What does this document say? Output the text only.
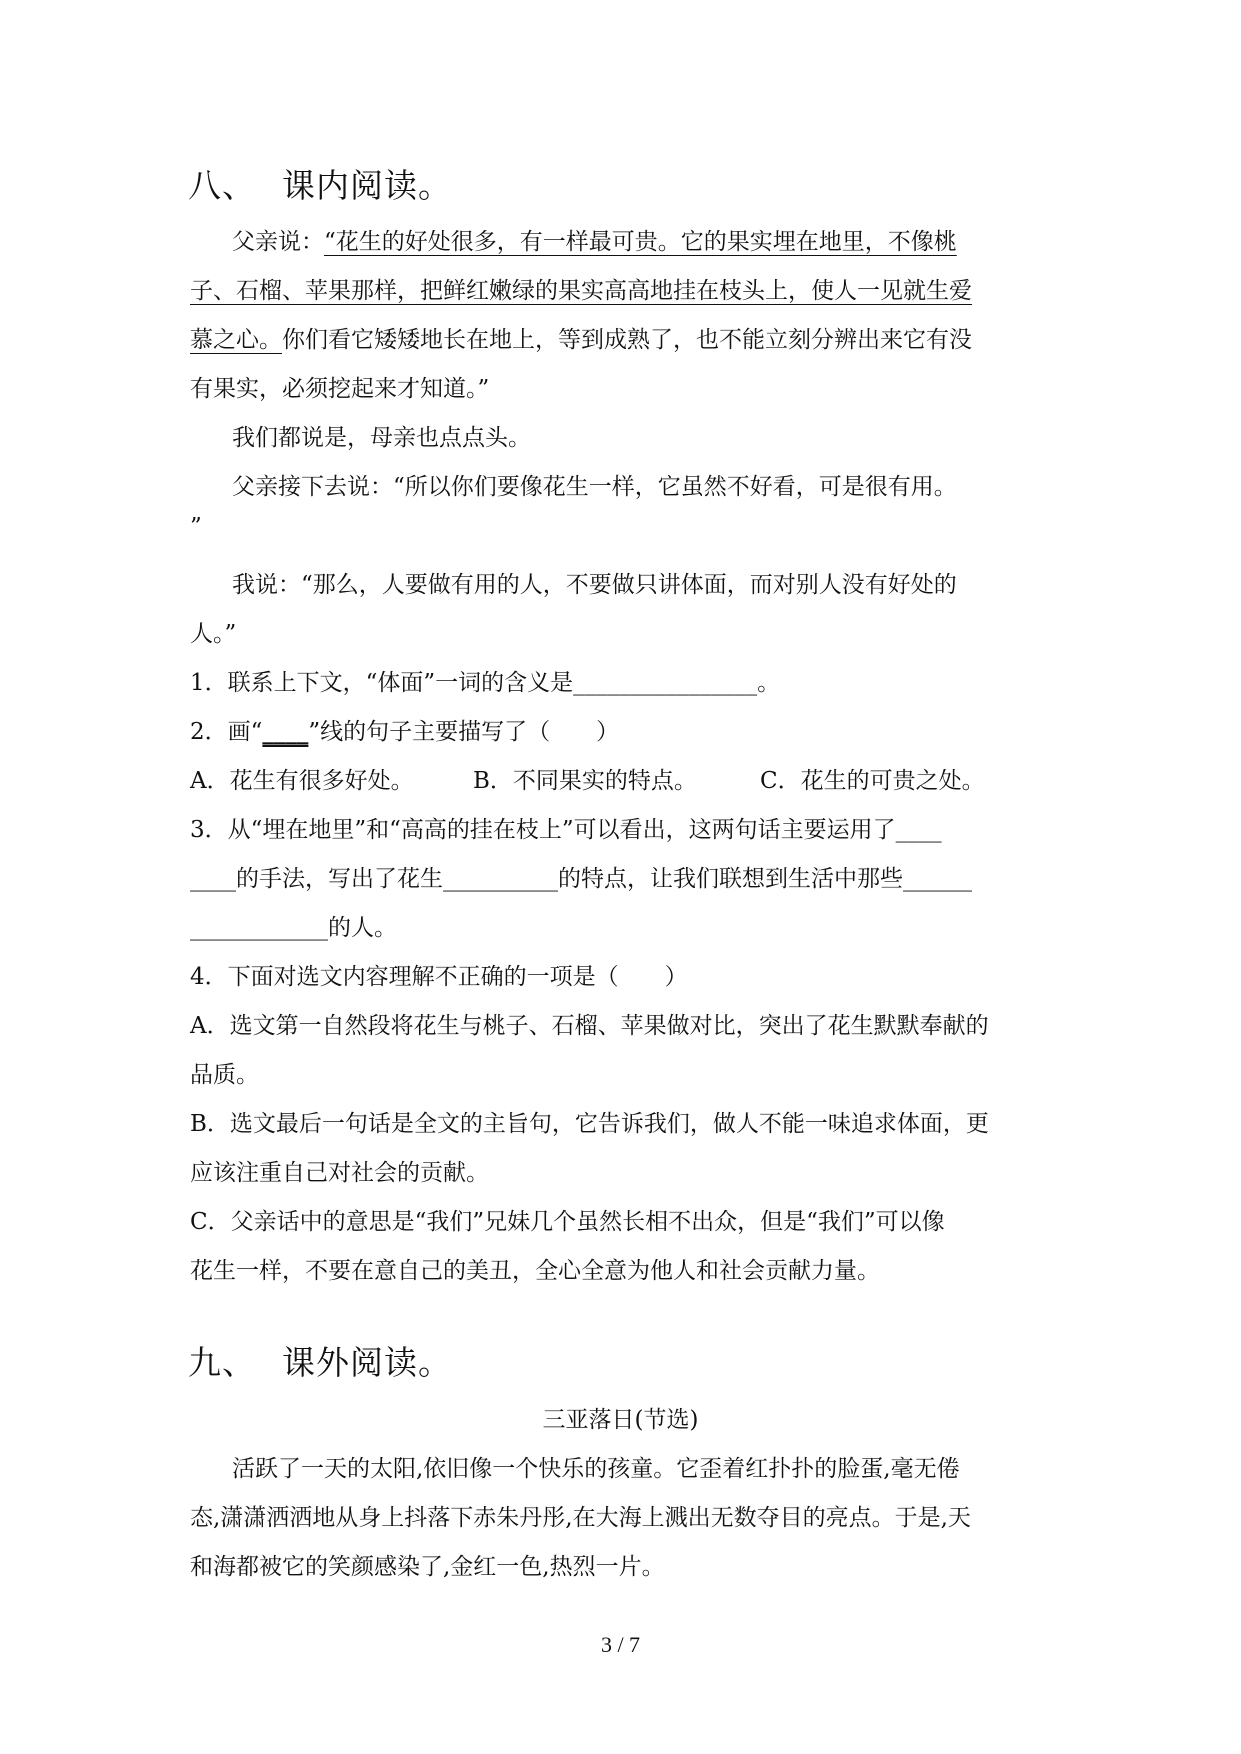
八、 课内阅读。
父亲说：“花生的好处很多，有一样最可贵。它的果实埋在地里，不像桃
子、石榴、苹果那样，把鲜红嫩绿的果实高高地挂在枝头上，使人一见就生爱
慕之心。你们看它矮矮地长在地上，等到成熟了，也不能立刻分辨出来它有没
有果实，必须挖起来才知道。”
我们都说是，母亲也点点头。
父亲接下去说：“所以你们要像花生一样，它虽然不好看，可是很有用。
”
我说：“那么，人要做有用的人，不要做只讲体面，而对别人没有好处的
人。”
1．联系上下文，“体面”一词的含义是________________。
2．画“____”线的句子主要描写了（　　）
A．花生有很多好处。	B．不同果实的特点。	C．花生的可贵之处。
3．从“埋在地里”和“高高的挂在枝上”可以看出，这两句话主要运用了____
____的手法，写出了花生__________的特点，让我们联想到生活中那些______
____________的人。
4．下面对选文内容理解不正确的一项是（　　）
A．选文第一自然段将花生与桃子、石榴、苹果做对比，突出了花生默默奉献的
品质。
B．选文最后一句话是全文的主旨句，它告诉我们，做人不能一味追求体面，更
应该注重自己对社会的贡献。
C．父亲话中的意思是“我们”兄妹几个虽然长相不出众，但是“我们”可以像
花生一样，不要在意自己的美丑，全心全意为他人和社会贡献力量。
九、 课外阅读。
三亚落日(节选)
活跃了一天的太阳,依旧像一个快乐的孩童。它歪着红扑扑的脸蛋,毫无倦
态,潇潇洒洒地从身上抖落下赤朱丹彤,在大海上溅出无数夺目的亮点。于是,天
和海都被它的笑颜感染了,金红一色,热烈一片。
3 / 7
